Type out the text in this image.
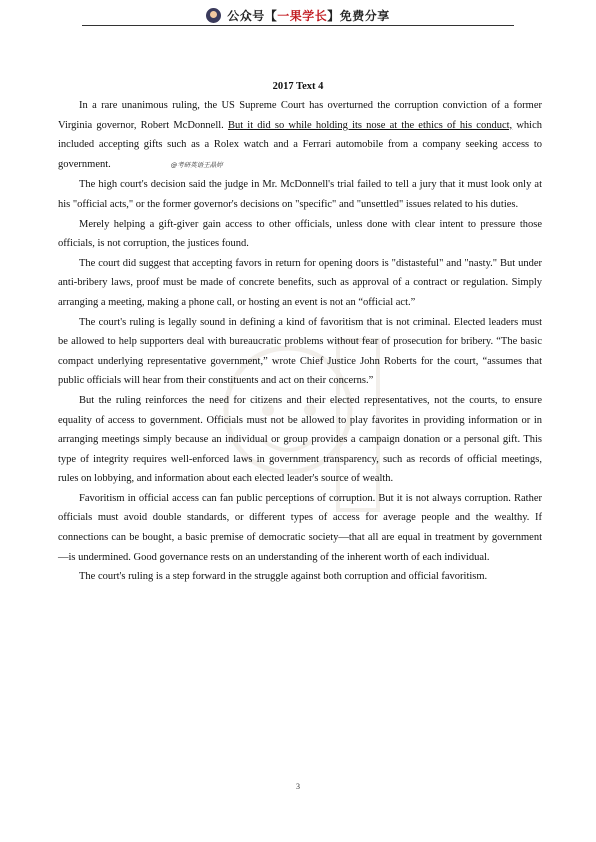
公众号【一果学长】免费分享
2017 Text 4

In a rare unanimous ruling, the US Supreme Court has overturned the corruption conviction of a former Virginia governor, Robert McDonnell. But it did so while holding its nose at the ethics of his conduct, which included accepting gifts such as a Rolex watch and a Ferrari automobile from a company seeking access to government.	@考研英语王晶婷

The high court's decision said the judge in Mr. McDonnell's trial failed to tell a jury that it must look only at his "official acts," or the former governor's decisions on "specific" and "unsettled" issues related to his duties.

Merely helping a gift-giver gain access to other officials, unless done with clear intent to pressure those officials, is not corruption, the justices found.

The court did suggest that accepting favors in return for opening doors is "distasteful" and "nasty." But under anti-bribery laws, proof must be made of concrete benefits, such as approval of a contract or regulation. Simply arranging a meeting, making a phone call, or hosting an event is not an “official act.”

The court's ruling is legally sound in defining a kind of favoritism that is not criminal. Elected leaders must be allowed to help supporters deal with bureaucratic problems without fear of prosecution for bribery. “The basic compact underlying representative government,” wrote Chief Justice John Roberts for the court, “assumes that public officials will hear from their constituents and act on their concerns.”

But the ruling reinforces the need for citizens and their elected representatives, not the courts, to ensure equality of access to government. Officials must not be allowed to play favorites in providing information or in arranging meetings simply because an individual or group provides a campaign donation or a personal gift. This type of integrity requires well-enforced laws in government transparency, such as records of official meetings, rules on lobbying, and information about each elected leader's source of wealth.

Favoritism in official access can fan public perceptions of corruption. But it is not always corruption. Rather officials must avoid double standards, or different types of access for average people and the wealthy. If connections can be bought, a basic premise of democratic society—that all are equal in treatment by government—is undermined. Good governance rests on an understanding of the inherent worth of each individual.

The court's ruling is a step forward in the struggle against both corruption and official favoritism.

3
